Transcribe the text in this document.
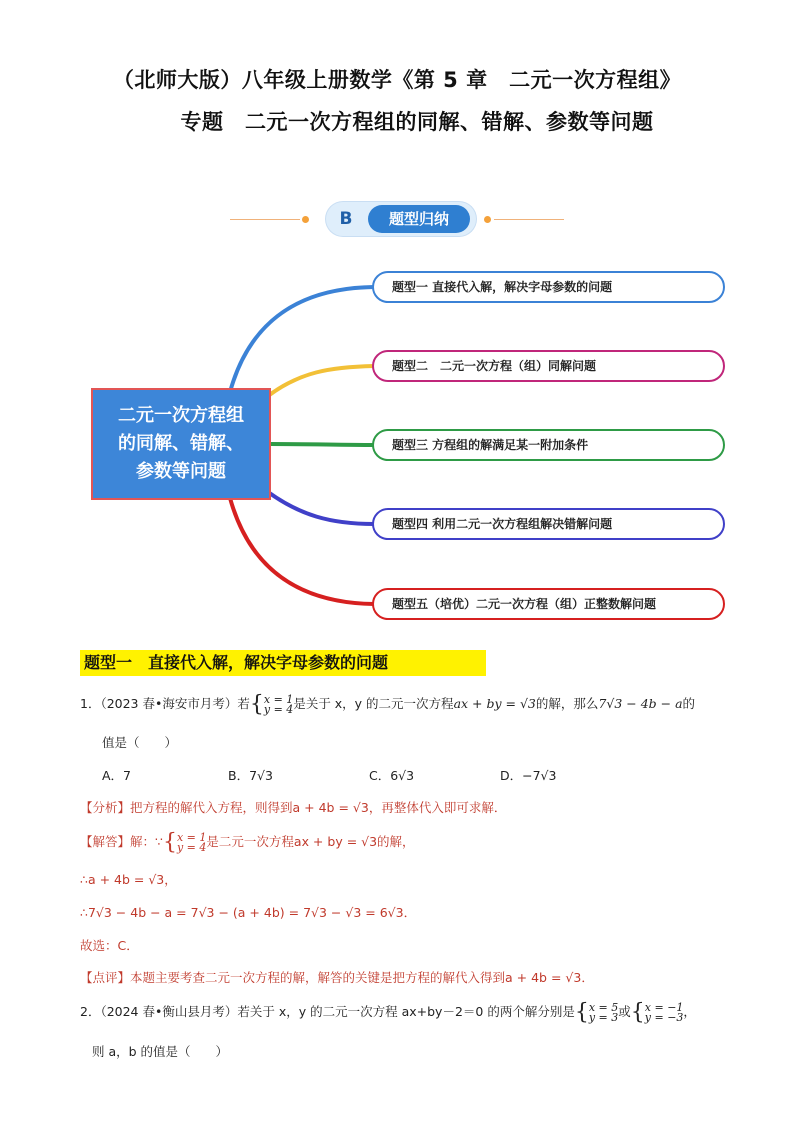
（北师大版）八年级上册数学《第 5 章　二元一次方程组》
专题　二元一次方程组的同解、错解、参数等问题
B	题型归纳
二元一次方程组
的同解、错解、
参数等问题
题型一 直接代入解，解决字母参数的问题
题型二　二元一次方程（组）同解问题
题型三 方程组的解满足某一附加条件
题型四 利用二元一次方程组解决错解问题
题型五（培优）二元一次方程（组）正整数解问题
题型一　直接代入解，解决字母参数的问题
1．（2023 春•海安市月考）若{ x = 1
y = 4 是关于 x，y 的二元一次方程ax + by = √3的解，那么7√3 − 4b − a的
值是（　　）
A．7	B．7√3	C．6√3	D．−7√3
【分析】把方程的解代入方程，则得到a + 4b = √3，再整体代入即可求解．
【解答】解：∵{ x = 1
y = 4 是二元一次方程ax + by = √3的解，
∴a + 4b = √3，
∴7√3 − 4b − a = 7√3 − (a + 4b) = 7√3 − √3 = 6√3．
故选：C．
【点评】本题主要考查二元一次方程的解，解答的关键是把方程的解代入得到a + 4b = √3．
2．（2024 春•衡山县月考）若关于 x，y 的二元一次方程 ax+by－2＝0 的两个解分别是{ x = 5
y = 3 或{ x = −1
y = −3 ，
则 a，b 的值是（　　）
